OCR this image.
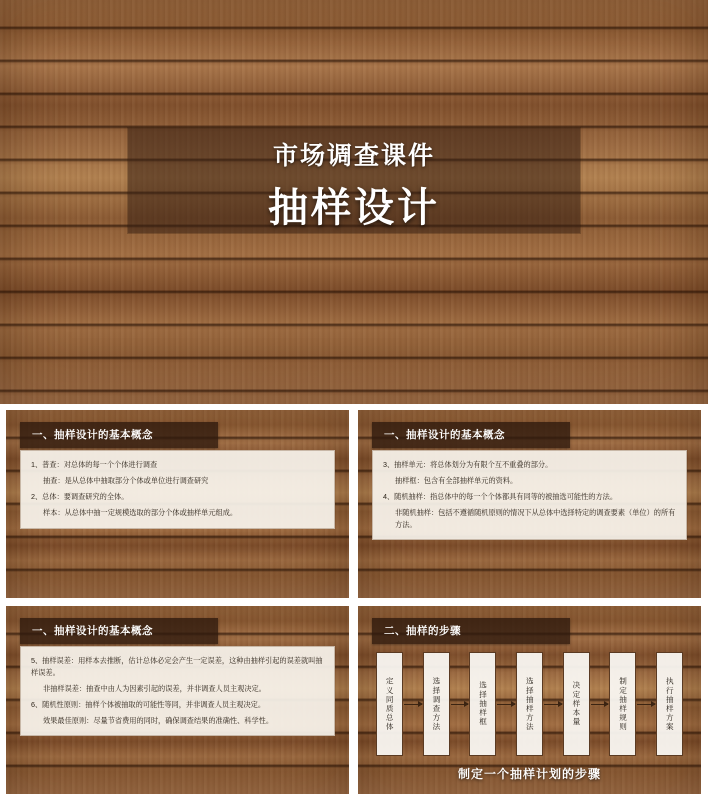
市场调查课件
抽样设计
一、抽样设计的基本概念

1、普查：对总体的每一个个体进行调查

抽查：是从总体中抽取部分个体或单位进行调查研究

2、总体：要调查研究的全体。

样本：从总体中抽一定规模选取的部分个体或抽样单元组成。

一、抽样设计的基本概念

3、抽样单元：将总体划分为有限个互不重叠的部分。

抽样框：包含有全部抽样单元的资料。

4、随机抽样：指总体中的每一个个体都具有同等的被抽选可能性的方法。

非随机抽样：包括不遵循随机原则的情况下从总体中选择特定的调查要素（单位）的所有方法。

一、抽样设计的基本概念

5、抽样误差：用样本去推断，估计总体必定会产生一定误差，这种由抽样引起的误差就叫抽样误差。

非抽样误差：抽查中由人为因素引起的误差，并非调查人员主观决定。

6、随机性原则：抽样个体被抽取的可能性等同，并非调查人员主观决定。

效果最佳原则：尽量节省费用的同时，确保调查结果的准确性、科学性。

二、抽样的步骤
定义同质总体	选择调查方法	选择抽样框	选择抽样方法	决定样本量	制定抽样规则	执行抽样方案
制定一个抽样计划的步骤
